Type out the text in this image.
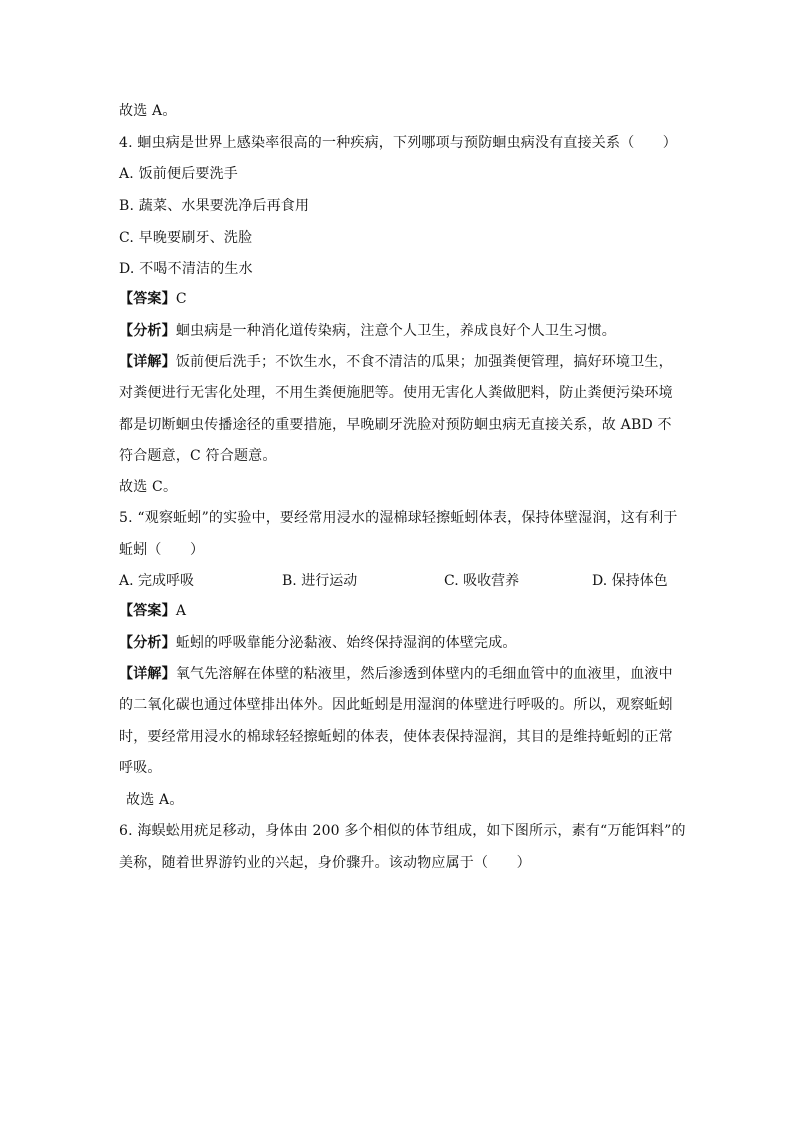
故选 A。
4. 蛔虫病是世界上感染率很高的一种疾病，下列哪项与预防蛔虫病没有直接关系（　　）
A. 饭前便后要洗手
B. 蔬菜、水果要洗净后再食用
C. 早晚要刷牙、洗脸
D. 不喝不清洁的生水
【答案】C
【分析】蛔虫病是一种消化道传染病，注意个人卫生，养成良好个人卫生习惯。
【详解】饭前便后洗手；不饮生水，不食不清洁的瓜果；加强粪便管理，搞好环境卫生，
对粪便进行无害化处理，不用生粪便施肥等。使用无害化人粪做肥料，防止粪便污染环境
都是切断蛔虫传播途径的重要措施，早晚刷牙洗脸对预防蛔虫病无直接关系，故 ABD 不
符合题意，C 符合题意。
故选 C。
5. “观察蚯蚓”的实验中，要经常用浸水的湿棉球轻擦蚯蚓体表，保持体壁湿润，这有利于
蚯蚓（　　）
A. 完成呼吸	B. 进行运动	C. 吸收营养	D. 保持体色
【答案】A
【分析】蚯蚓的呼吸靠能分泌黏液、始终保持湿润的体壁完成。
【详解】氧气先溶解在体壁的粘液里，然后渗透到体壁内的毛细血管中的血液里，血液中
的二氧化碳也通过体壁排出体外。因此蚯蚓是用湿润的体壁进行呼吸的。所以，观察蚯蚓
时，要经常用浸水的棉球轻轻擦蚯蚓的体表，使体表保持湿润，其目的是维持蚯蚓的正常
呼吸。
故选 A。
6. 海蜈蚣用疣足移动，身体由 200 多个相似的体节组成，如下图所示，素有“万能饵料”的
美称，随着世界游钓业的兴起，身价骤升。该动物应属于（　　）
